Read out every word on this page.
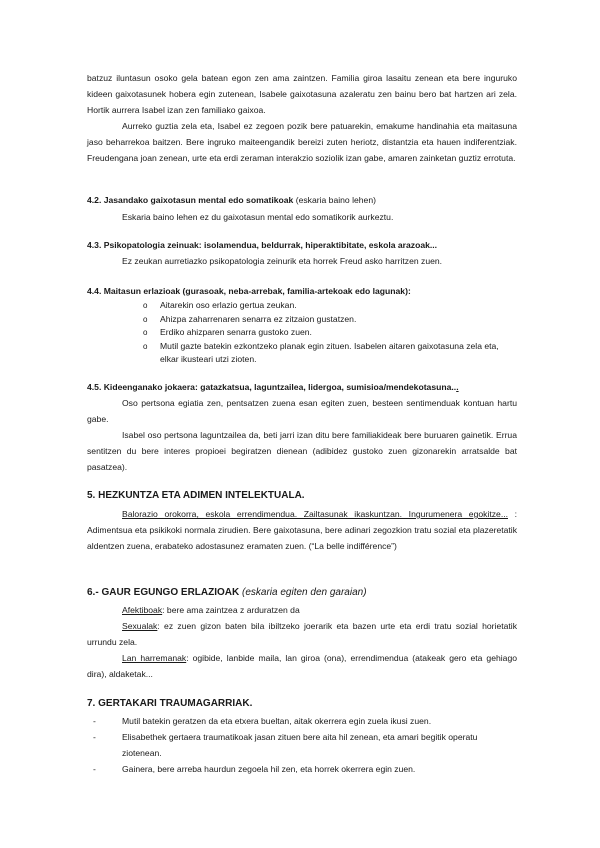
batzuz iluntasun osoko gela batean egon zen ama zaintzen. Familia giroa lasaitu zenean eta bere inguruko kideen gaixotasunek hobera egin zutenean, Isabele gaixotasuna azaleratu zen bainu bero bat hartzen ari zela. Hortik aurrera Isabel izan zen familiako gaixoa.

Aurreko guztia zela eta, Isabel ez zegoen pozik bere patuarekin, emakume handinahia eta maitasuna jaso beharrekoa baitzen. Bere ingruko maiteengandik bereizi zuten heriotz, distantzia eta hauen indiferentziak. Freudengana joan zenean, urte eta erdi zeraman interakzio soziolik izan gabe, amaren zainketan guztiz errotuta.

4.2. Jasandako gaixotasun mental edo somatikoak (eskaria baino lehen)

Eskaria baino lehen ez du gaixotasun mental edo somatikorik aurkeztu.

4.3. Psikopatologia zeinuak: isolamendua, beldurrak, hiperaktibitate, eskola arazoak...

Ez zeukan aurretiazko psikopatologia zeinurik eta horrek Freud asko harritzen zuen.

4.4. Maitasun erlazioak (gurasoak, neba-arrebak, familia-artekoak edo lagunak):

o Aitarekin oso erlazio gertua zeukan.
o Ahizpa zaharrenaren senarra ez zitzaion gustatzen.
o Erdiko ahizparen senarra gustoko zuen.
o Mutil gazte batekin ezkontzeko planak egin zituen. Isabelen aitaren gaixotasuna zela eta, elkar ikusteari utzi zioten.

4.5. Kideenganako jokaera: gatazkatsua, laguntzailea, lidergoa, sumisioa/mendekotasuna...

Oso pertsona egiatia zen, pentsatzen zuena esan egiten zuen, besteen sentimenduak kontuan hartu gabe.

Isabel oso pertsona laguntzailea da, beti jarri izan ditu bere familiakideak bere buruaren gainetik. Errua sentitzen du bere interes propioei begiratzen dienean (adibidez gustoko zuen gizonarekin arratsalde bat pasatzea).

5. HEZKUNTZA ETA ADIMEN INTELEKTUALA.

Balorazio orokorra, eskola errendimendua. Zailtasunak ikaskuntzan. Ingurumenera egokitze... : Adimentsua eta psikikoki normala zirudien. Bere gaixotasuna, bere adinari zegozkion tratu sozial eta plazeretatik aldentzen zuena, erabateko adostasunez eramaten zuen. (“La belle indifférence”)

6.- GAUR EGUNGO ERLAZIOAK (eskaria egiten den garaian)

Afektiboak: bere ama zaintzea z arduratzen da

Sexualak: ez zuen gizon baten bila ibiltzeko joerarik eta bazen urte eta erdi tratu sozial horietatik urrundu zela.

Lan harremanak: ogibide, lanbide maila, lan giroa (ona), errendimendua (atakeak gero eta gehiago dira), aldaketak...

7. GERTAKARI TRAUMAGARRIAK.

-	Mutil batekin geratzen da eta etxera bueltan, aitak okerrera egin zuela ikusi zuen.
-	Elisabethek gertaera traumatikoak jasan zituen bere aita hil zenean, eta amari begitik operatu ziotenean.
-	Gainera, bere arreba haurdun zegoela hil zen, eta horrek okerrera egin zuen.
